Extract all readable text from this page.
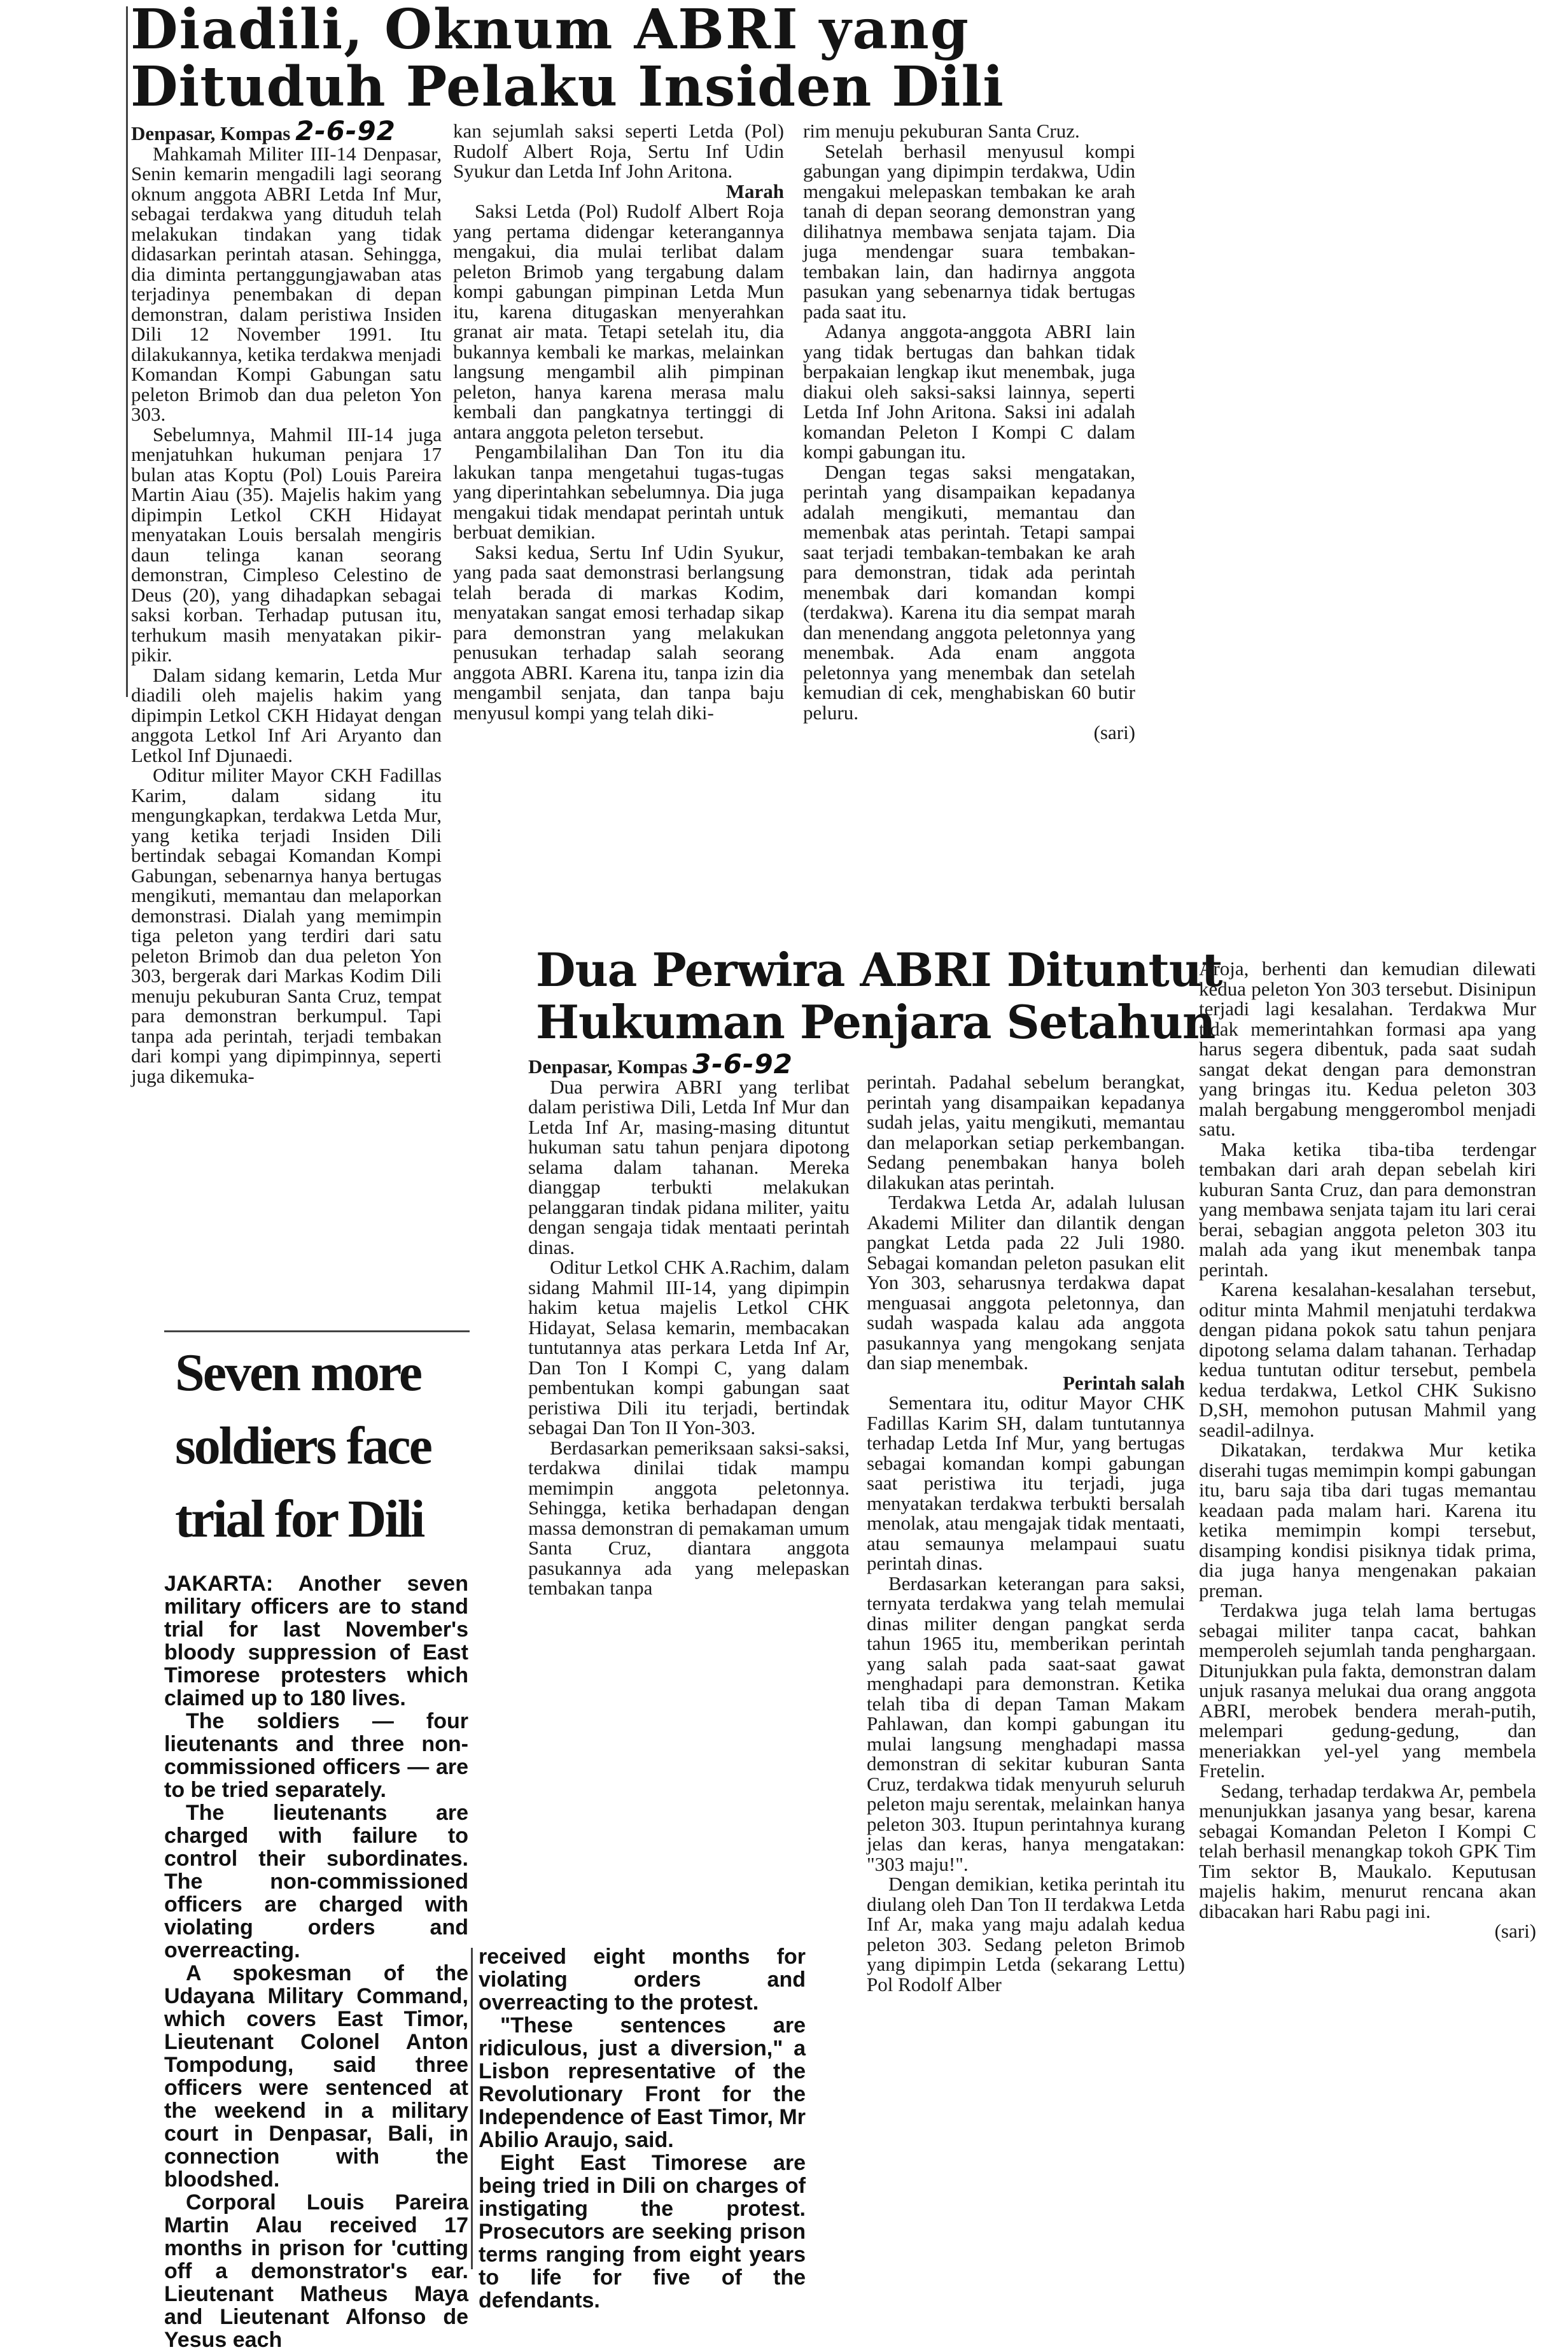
Diadili, Oknum ABRI yang
Dituduh Pelaku Insiden Dili

Denpasar, Kompas 2-6-92

Mahkamah Militer III-14 Denpasar, Senin kemarin mengadili lagi seorang oknum anggota ABRI Letda Inf Mur, sebagai terdakwa yang dituduh telah melakukan tindakan yang tidak didasarkan perintah atasan. Sehingga, dia diminta pertanggungjawaban atas terjadinya penembakan di depan demonstran, dalam peristiwa Insiden Dili 12 November 1991. Itu dilakukannya, ketika terdakwa menjadi Komandan Kompi Gabungan satu peleton Brimob dan dua peleton Yon 303.

Sebelumnya, Mahmil III-14 juga menjatuhkan hukuman penjara 17 bulan atas Koptu (Pol) Louis Pareira Martin Aiau (35). Majelis hakim yang dipimpin Letkol CKH Hidayat menyatakan Louis bersalah mengiris daun telinga kanan seorang demonstran, Cimpleso Celestino de Deus (20), yang dihadapkan sebagai saksi korban. Terhadap putusan itu, terhukum masih menyatakan pikir-pikir.

Dalam sidang kemarin, Letda Mur diadili oleh majelis hakim yang dipimpin Letkol CKH Hidayat dengan anggota Letkol Inf Ari Aryanto dan Letkol Inf Djunaedi.

Oditur militer Mayor CKH Fadillas Karim, dalam sidang itu mengungkapkan, terdakwa Letda Mur, yang ketika terjadi Insiden Dili bertindak sebagai Komandan Kompi Gabungan, sebenarnya hanya bertugas mengikuti, memantau dan melaporkan demonstrasi. Dialah yang memimpin tiga peleton yang terdiri dari satu peleton Brimob dan dua peleton Yon 303, bergerak dari Markas Kodim Dili menuju pekuburan Santa Cruz, tempat para demonstran berkumpul. Tapi tanpa ada perintah, terjadi tembakan dari kompi yang dipimpinnya, seperti juga dikemuka-

kan sejumlah saksi seperti Letda (Pol) Rudolf Albert Roja, Sertu Inf Udin Syukur dan Letda Inf John Aritona.

Marah

Saksi Letda (Pol) Rudolf Albert Roja yang pertama didengar keterangannya mengakui, dia mulai terlibat dalam peleton Brimob yang tergabung dalam kompi gabungan pimpinan Letda Mun itu, karena ditugaskan menyerahkan granat air mata. Tetapi setelah itu, dia bukannya kembali ke markas, melainkan langsung mengambil alih pimpinan peleton, hanya karena merasa malu kembali dan pangkatnya tertinggi di antara anggota peleton tersebut.

Pengambilalihan Dan Ton itu dia lakukan tanpa mengetahui tugas-tugas yang diperintahkan sebelumnya. Dia juga mengakui tidak mendapat perintah untuk berbuat demikian.

Saksi kedua, Sertu Inf Udin Syukur, yang pada saat demonstrasi berlangsung telah berada di markas Kodim, menyatakan sangat emosi terhadap sikap para demonstran yang melakukan penusukan terhadap salah seorang anggota ABRI. Karena itu, tanpa izin dia mengambil senjata, dan tanpa baju menyusul kompi yang telah diki-

rim menuju pekuburan Santa Cruz.

Setelah berhasil menyusul kompi gabungan yang dipimpin terdakwa, Udin mengakui melepaskan tembakan ke arah tanah di depan seorang demonstran yang dilihatnya membawa senjata tajam. Dia juga mendengar suara tembakan-tembakan lain, dan hadirnya anggota pasukan yang sebenarnya tidak bertugas pada saat itu.

Adanya anggota-anggota ABRI lain yang tidak bertugas dan bahkan tidak berpakaian lengkap ikut menembak, juga diakui oleh saksi-saksi lainnya, seperti Letda Inf John Aritona. Saksi ini adalah komandan Peleton I Kompi C dalam kompi gabungan itu.

Dengan tegas saksi mengatakan, perintah yang disampaikan kepadanya adalah mengikuti, memantau dan memenbak atas perintah. Tetapi sampai saat terjadi tembakan-tembakan ke arah para demonstran, tidak ada perintah menembak dari komandan kompi (terdakwa). Karena itu dia sempat marah dan menendang anggota peletonnya yang menembak. Ada enam anggota peletonnya yang menembak dan setelah kemudian di cek, menghabiskan 60 butir peluru.

(sari)
Dua Perwira ABRI Dituntut
Hukuman Penjara Setahun

Denpasar, Kompas 3-6-92

Dua perwira ABRI yang terlibat dalam peristiwa Dili, Letda Inf Mur dan Letda Inf Ar, masing-masing dituntut hukuman satu tahun penjara dipotong selama dalam tahanan. Mereka dianggap terbukti melakukan pelanggaran tindak pidana militer, yaitu dengan sengaja tidak mentaati perintah dinas.

Oditur Letkol CHK A.Rachim, dalam sidang Mahmil III-14, yang dipimpin hakim ketua majelis Letkol CHK Hidayat, Selasa kemarin, membacakan tuntutannya atas perkara Letda Inf Ar, Dan Ton I Kompi C, yang dalam pembentukan kompi gabungan saat peristiwa Dili itu terjadi, bertindak sebagai Dan Ton II Yon-303.

Berdasarkan pemeriksaan saksi-saksi, terdakwa dinilai tidak mampu memimpin anggota peletonnya. Sehingga, ketika berhadapan dengan massa demonstran di pemakaman umum Santa Cruz, diantara anggota pasukannya ada yang melepaskan tembakan tanpa

perintah. Padahal sebelum berangkat, perintah yang disampaikan kepadanya sudah jelas, yaitu mengikuti, memantau dan melaporkan setiap perkembangan. Sedang penembakan hanya boleh dilakukan atas perintah.

Terdakwa Letda Ar, adalah lulusan Akademi Militer dan dilantik dengan pangkat Letda pada 22 Juli 1980. Sebagai komandan peleton pasukan elit Yon 303, seharusnya terdakwa dapat menguasai anggota peletonnya, dan sudah waspada kalau ada anggota pasukannya yang mengokang senjata dan siap menembak.

Perintah salah

Sementara itu, oditur Mayor CHK Fadillas Karim SH, dalam tuntutannya terhadap Letda Inf Mur, yang bertugas sebagai komandan kompi gabungan saat peristiwa itu terjadi, juga menyatakan terdakwa terbukti bersalah menolak, atau mengajak tidak mentaati, atau semaunya melampaui suatu perintah dinas.

Berdasarkan keterangan para saksi, ternyata terdakwa yang telah memulai dinas militer dengan pangkat serda tahun 1965 itu, memberikan perintah yang salah pada saat-saat gawat menghadapi para demonstran. Ketika telah tiba di depan Taman Makam Pahlawan, dan kompi gabungan itu mulai langsung menghadapi massa demonstran di sekitar kuburan Santa Cruz, terdakwa tidak menyuruh seluruh peleton maju serentak, melainkan hanya peleton 303. Itupun perintahnya kurang jelas dan keras, hanya mengatakan: "303 maju!".

Dengan demikian, ketika perintah itu diulang oleh Dan Ton II terdakwa Letda Inf Ar, maka yang maju adalah kedua peleton 303. Sedang peleton Brimob yang dipimpin Letda (sekarang Lettu) Pol Rodolf Alber

Aroja, berhenti dan kemudian dilewati kedua peleton Yon 303 tersebut. Disinipun terjadi lagi kesalahan. Terdakwa Mur tidak memerintahkan formasi apa yang harus segera dibentuk, pada saat sudah sangat dekat dengan para demonstran yang bringas itu. Kedua peleton 303 malah bergabung menggerombol menjadi satu.

Maka ketika tiba-tiba terdengar tembakan dari arah depan sebelah kiri kuburan Santa Cruz, dan para demonstran yang membawa senjata tajam itu lari cerai berai, sebagian anggota peleton 303 itu malah ada yang ikut menembak tanpa perintah.

Karena kesalahan-kesalahan tersebut, oditur minta Mahmil menjatuhi terdakwa dengan pidana pokok satu tahun penjara dipotong selama dalam tahanan. Terhadap kedua tuntutan oditur tersebut, pembela kedua terdakwa, Letkol CHK Sukisno D,SH, memohon putusan Mahmil yang seadil-adilnya.

Dikatakan, terdakwa Mur ketika diserahi tugas memimpin kompi gabungan itu, baru saja tiba dari tugas memantau keadaan pada malam hari. Karena itu ketika memimpin kompi tersebut, disamping kondisi pisiknya tidak prima, dia juga hanya mengenakan pakaian preman.

Terdakwa juga telah lama bertugas sebagai militer tanpa cacat, bahkan memperoleh sejumlah tanda penghargaan. Ditunjukkan pula fakta, demonstran dalam unjuk rasanya melukai dua orang anggota ABRI, merobek bendera merah-putih, melempari gedung-gedung, dan meneriakkan yel-yel yang membela Fretelin.

Sedang, terhadap terdakwa Ar, pembela menunjukkan jasanya yang besar, karena sebagai Komandan Peleton I Kompi C telah berhasil menangkap tokoh GPK Tim Tim sektor B, Maukalo. Keputusan majelis hakim, menurut rencana akan dibacakan hari Rabu pagi ini.

(sari)
Seven more
soldiers face
trial for Dili

JAKARTA: Another seven military officers are to stand trial for last November's bloody suppression of East Timorese protesters which claimed up to 180 lives.

The soldiers — four lieutenants and three non-commissioned officers — are to be tried separately.

The lieutenants are charged with failure to control their subordinates. The non-commissioned officers are charged with violating orders and overreacting.

A spokesman of the Udayana Military Command, which covers East Timor, Lieutenant Colonel Anton Tompodung, said three officers were sentenced at the weekend in a military court in Denpasar, Bali, in connection with the bloodshed.

Corporal Louis Pareira Martin Alau received 17 months in prison for 'cutting off a demonstrator's ear. Lieutenant Matheus Maya and Lieutenant Alfonso de Yesus each

received eight months for violating orders and overreacting to the protest.

"These sentences are ridiculous, just a diversion," a Lisbon representative of the Revolutionary Front for the Independence of East Timor, Mr Abilio Araujo, said.

Eight East Timorese are being tried in Dili on charges of instigating the protest. Prosecutors are seeking prison terms ranging from eight years to life for five of the defendants.
